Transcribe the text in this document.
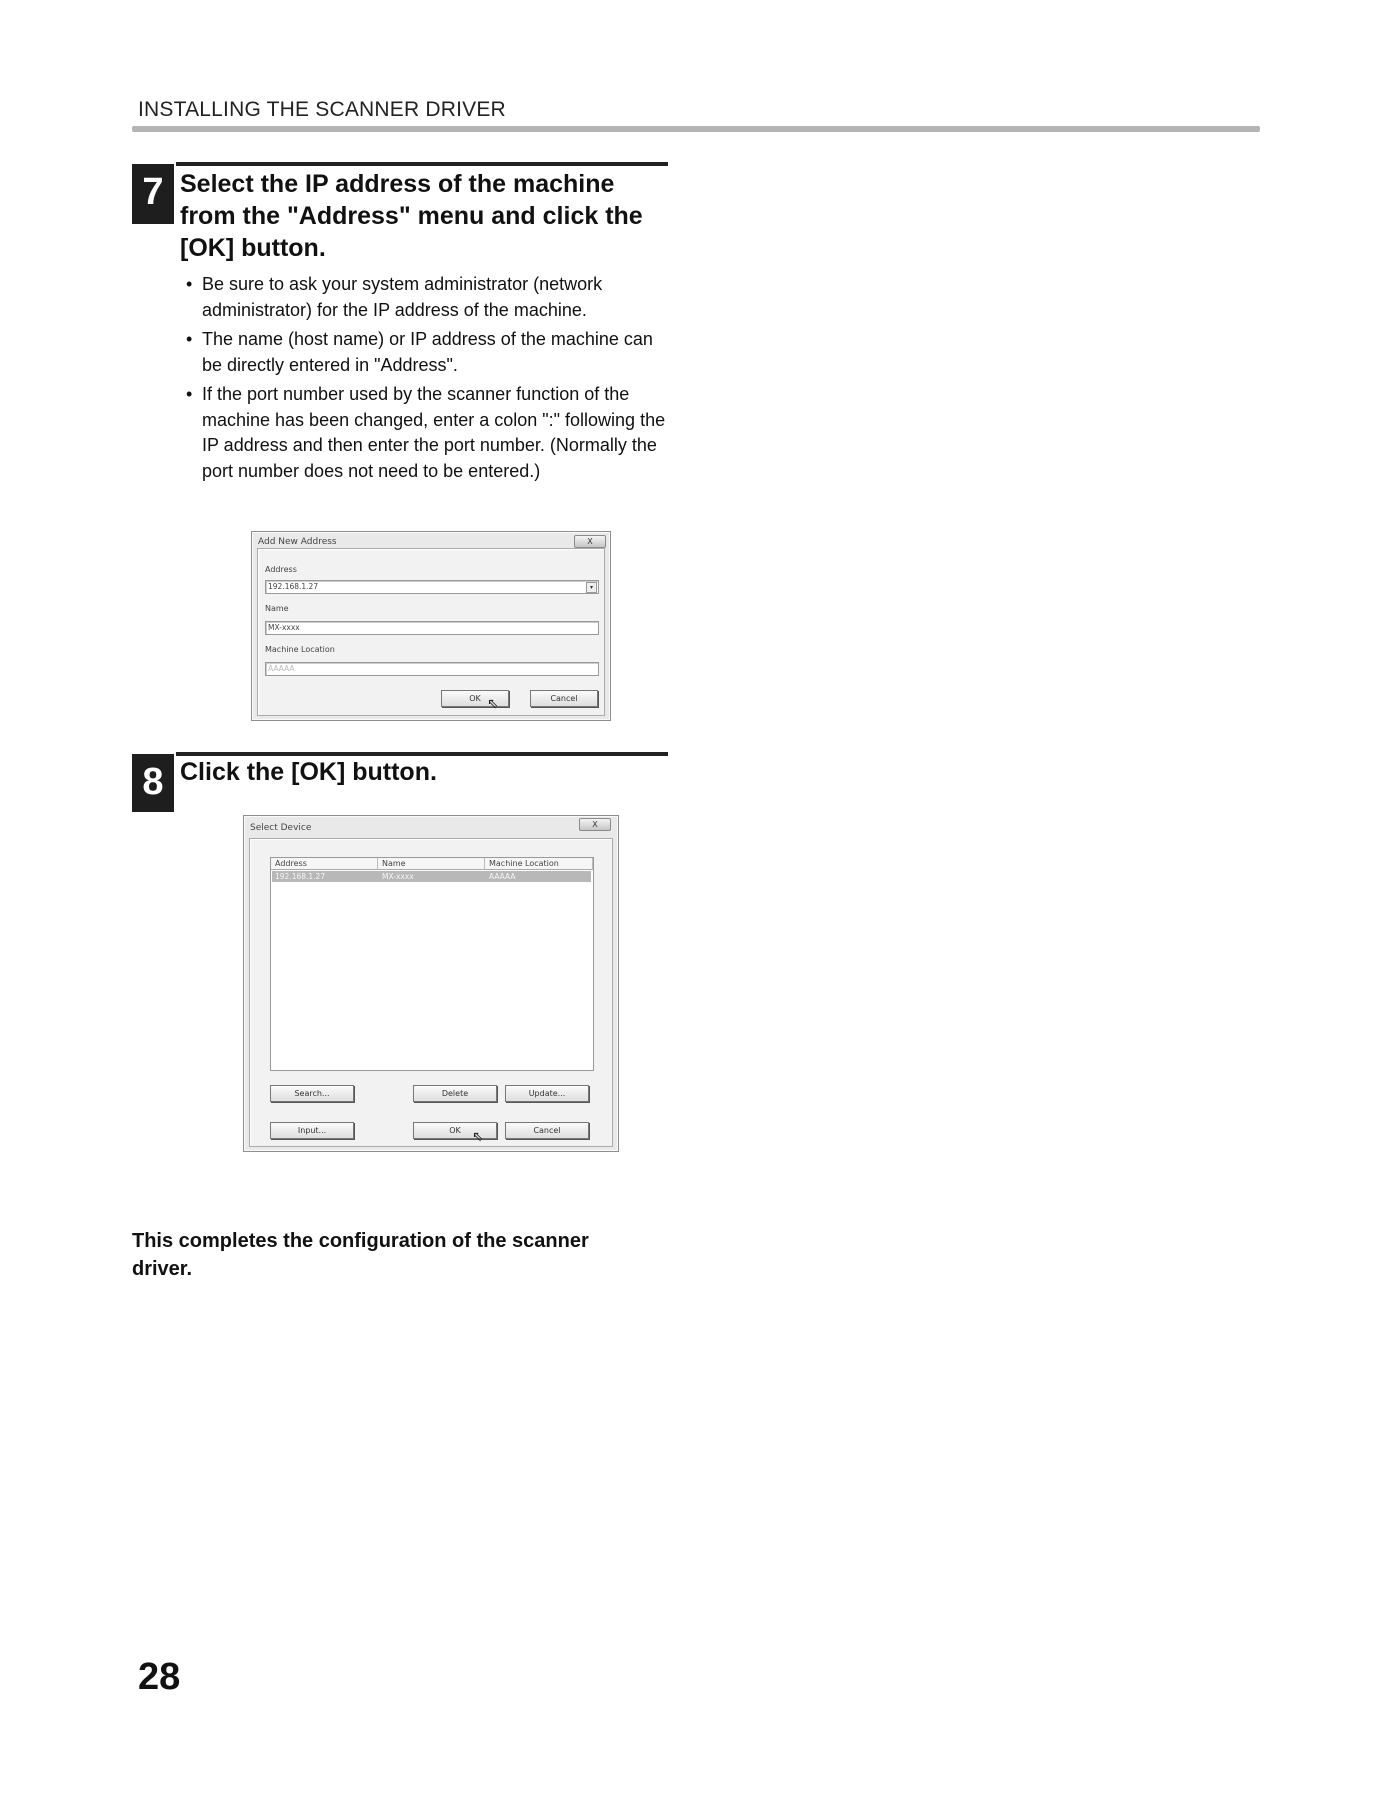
INSTALLING THE SCANNER DRIVER
7 Select the IP address of the machine
from the "Address" menu and click the
[OK] button.
• Be sure to ask your system administrator (network administrator) for the IP address of the machine.
• The name (host name) or IP address of the machine can be directly entered in "Address".
• If the port number used by the scanner function of the machine has been changed, enter a colon ":" following the IP address and then enter the port number. (Normally the port number does not need to be entered.)
Add New Address	X
Address
192.168.1.27	▾
Name
MX-xxxx
Machine Location
AAAAA
OK	Cancel
⇖
8 Click the [OK] button.
Select Device	X
Address	Name	Machine Location
192.168.1.27	MX-xxxx	AAAAA
Search...	Delete	Update...
Input...	OK	Cancel
⇖
This completes the configuration of the scanner driver.
28
